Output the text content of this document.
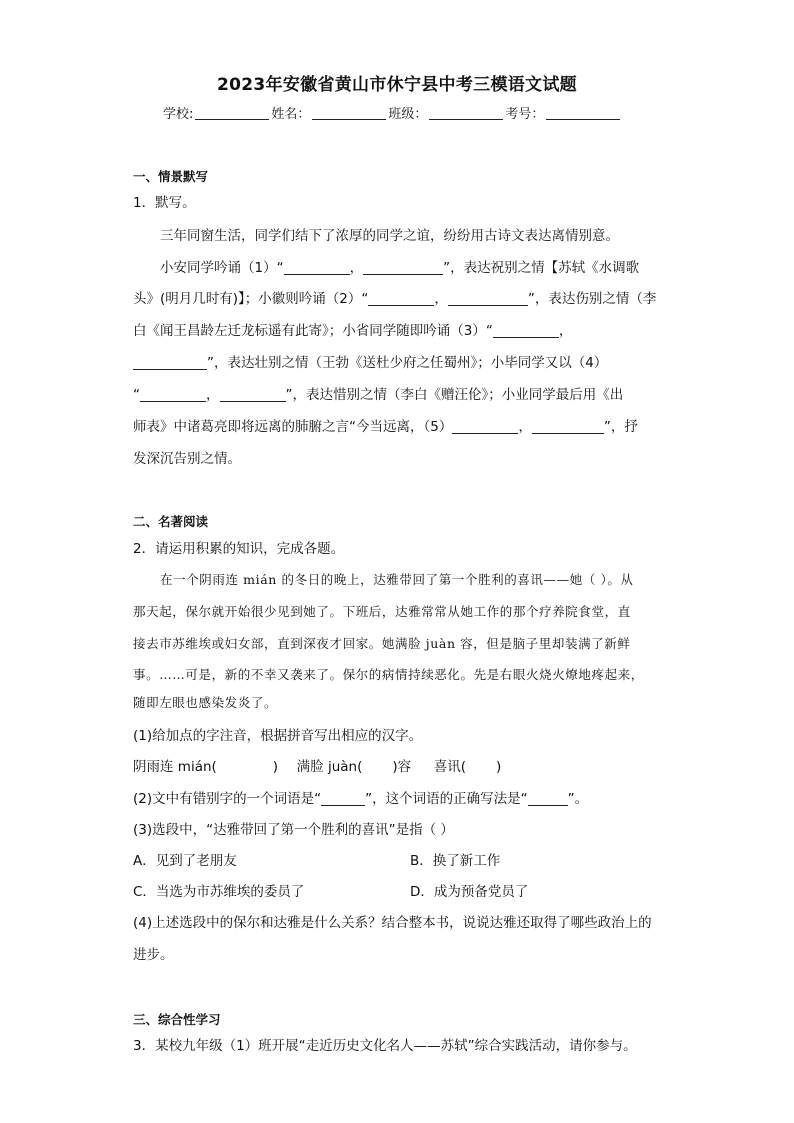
2023年安徽省黄山市休宁县中考三模语文试题
学校:	姓名：	班级：	考号：
一、情景默写
1．默写。
三年同窗生活，同学们结下了浓厚的同学之谊，纷纷用古诗文表达离情别意。
小安同学吟诵（1）“	，	”，表达祝别之情【苏轼《水调歌
头》(明月几时有)】；小徽则吟诵（2）“	，	”，表达伤别之情（李
白《闻王昌龄左迁龙标遥有此寄》；小省同学随即吟诵（3）“	，
”，表达壮别之情（王勃《送杜少府之任蜀州》；小毕同学又以（4）
“	，	”，表达惜别之情（李白《赠汪伦》；小业同学最后用《出
师表》中诸葛亮即将远离的肺腑之言“今当远离，（5）	，	”，抒
发深沉告别之情。
二、名著阅读
2．请运用积累的知识，完成各题。
在一个阴雨连 mián 的冬日的晚上，达雅带回了第一个胜利的喜讯——她（ ）。从
那天起，保尔就开始很少见到她了。下班后，达雅常常从她工作的那个疗养院食堂，直
接去市苏维埃或妇女部，直到深夜才回家。她满脸 juàn 容，但是脑子里却装满了新鲜
事。……可是，新的不幸又袭来了。保尔的病情持续恶化。先是右眼火烧火燎地疼起来，
随即左眼也感染发炎了。
(1)给加点的字注音，根据拼音写出相应的汉字。
阴雨连 mián(	) 满脸 juàn( )容 喜讯( )
(2)文中有错别字的一个词语是“	”，这个词语的正确写法是“	”。
(3)选段中，“达雅带回了第一个胜利的喜讯”是指（ ）
A．见到了老朋友	B．换了新工作
C．当选为市苏维埃的委员了	D．成为预备党员了
(4)上述选段中的保尔和达雅是什么关系？结合整本书，说说达雅还取得了哪些政治上的
进步。
三、综合性学习
3．某校九年级（1）班开展“走近历史文化名人——苏轼”综合实践活动，请你参与。
